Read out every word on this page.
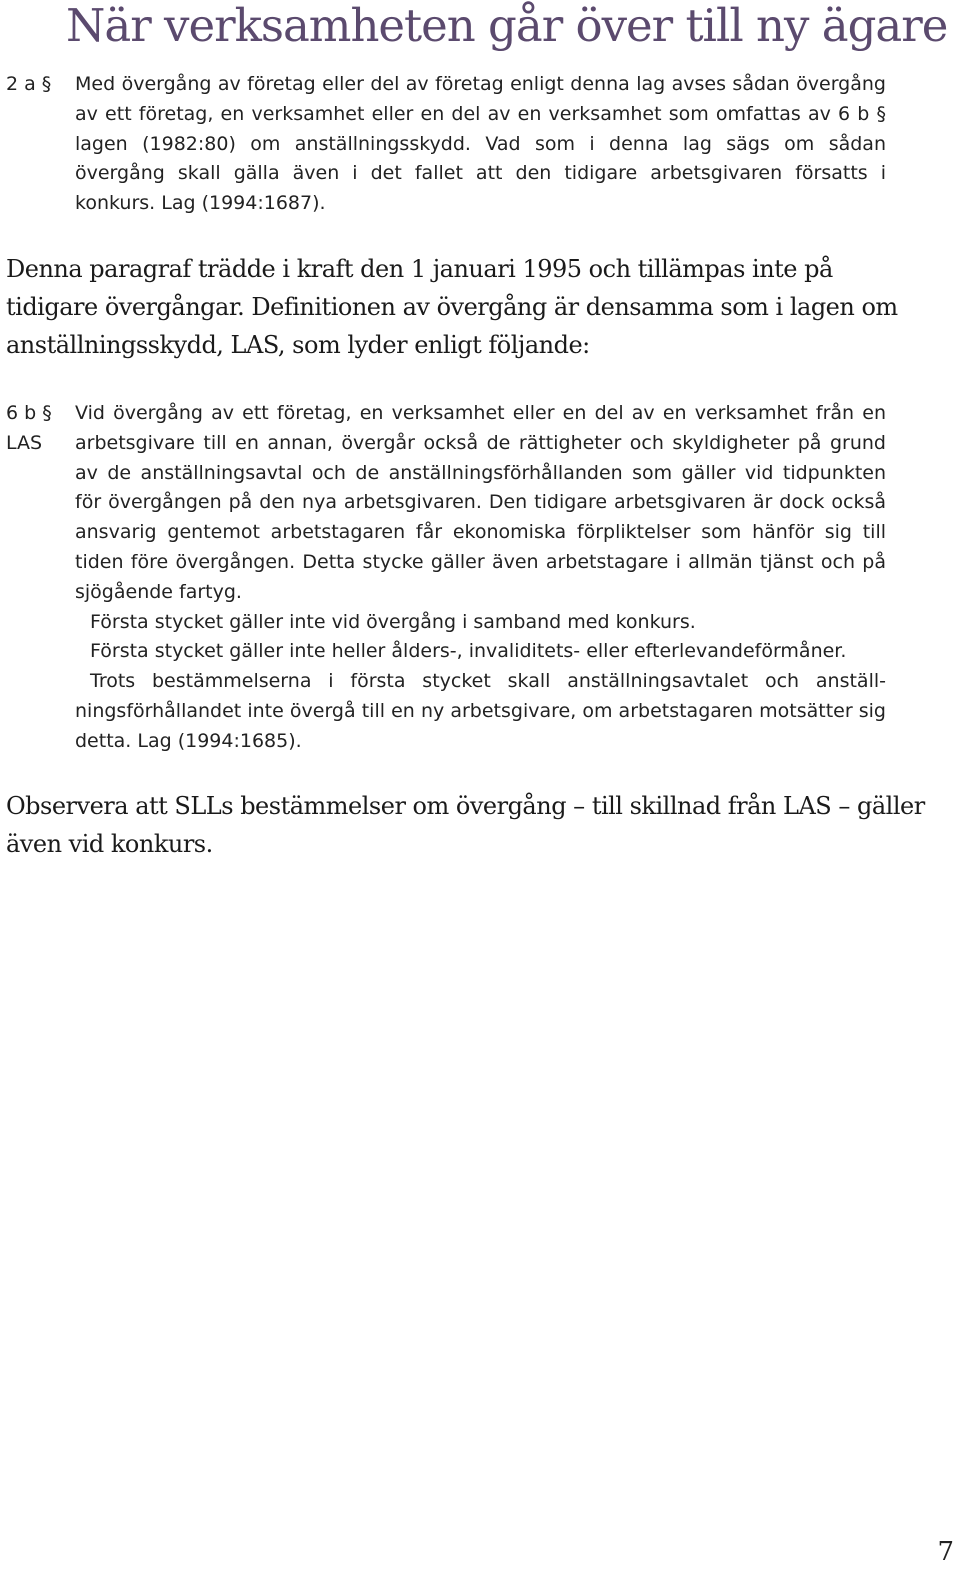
När verksamheten går över till ny ägare
2 a §	Med övergång av företag eller del av företag enligt denna lag avses sådan övergång av ett företag, en verksamhet eller en del av en verksamhet som omfattas av 6 b § lagen (1982:80) om anställningsskydd. Vad som i denna lag sägs om sådan övergång skall gälla även i det fallet att den tidigare arbetsgivaren försatts i konkurs. Lag (1994:1687).

Denna paragraf trädde i kraft den 1 januari 1995 och tillämpas inte på tidigare övergångar. Definitionen av övergång är densamma som i lagen om anställningsskydd, LAS, som lyder enligt följande:

6 b §
LAS

Vid övergång av ett företag, en verksamhet eller en del av en verksamhet från en arbetsgivare till en annan, övergår också de rättigheter och skyldigheter på grund av de anställningsavtal och de anställningsförhållanden som gäller vid tidpunkten för övergången på den nya arbetsgivaren. Den tidigare arbetsgivaren är dock också ansvarig gentemot arbetstagaren får ekonomiska förpliktelser som hänför sig till tiden före övergången. Detta stycke gäller även arbetstagare i allmän tjänst och på sjögående fartyg.

Första stycket gäller inte vid övergång i samband med konkurs.

Första stycket gäller inte heller ålders-, invaliditets- eller efterlevandeförmåner.

Trots bestämmelserna i första stycket skall anställningsavtalet och anställningsförhållandet inte övergå till en ny arbetsgivare, om arbetstagaren motsätter sig detta. Lag (1994:1685).

Observera att SLLs bestämmelser om övergång – till skillnad från LAS – gäller även vid konkurs.

7
